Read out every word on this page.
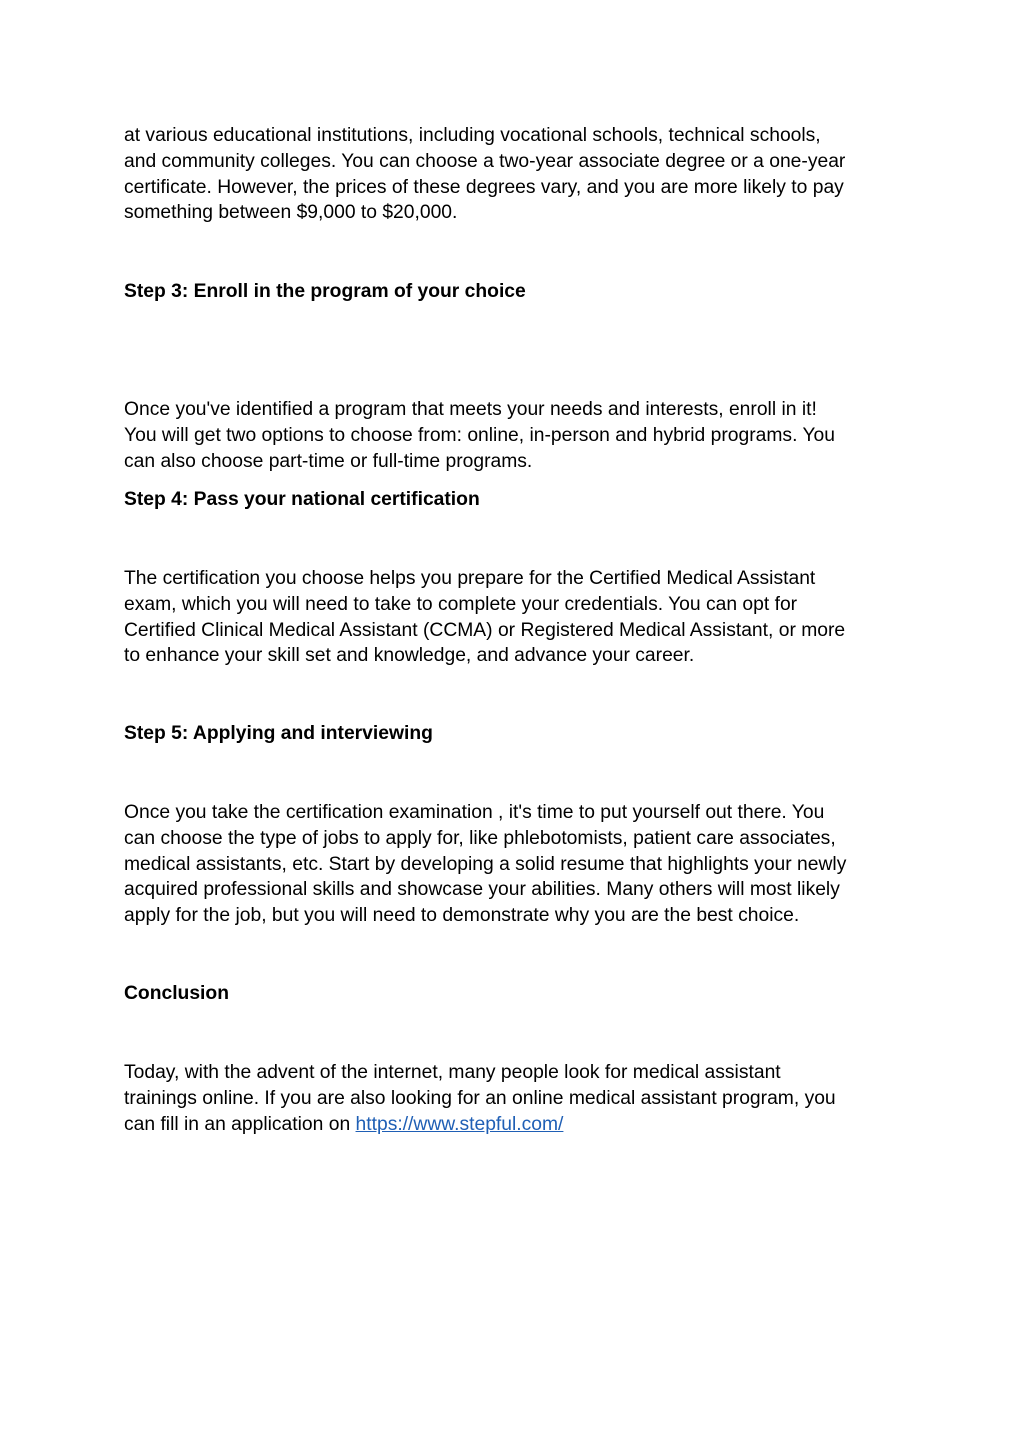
at various educational institutions, including vocational schools, technical schools,
and community colleges. You can choose a two-year associate degree or a one-year
certificate. However, the prices of these degrees vary, and you are more likely to pay
something between $9,000 to $20,000.
Step 3: Enroll in the program of your choice
Once you've identified a program that meets your needs and interests, enroll in it!
You will get two options to choose from: online, in-person and hybrid programs. You
can also choose part-time or full-time programs.
Step 4: Pass your national certification
The certification you choose helps you prepare for the Certified Medical Assistant
exam, which you will need to take to complete your credentials. You can opt for
Certified Clinical Medical Assistant (CCMA) or Registered Medical Assistant, or more
to enhance your skill set and knowledge, and advance your career.
Step 5: Applying and interviewing
Once you take the certification examination , it's time to put yourself out there. You
can choose the type of jobs to apply for, like phlebotomists, patient care associates,
medical assistants, etc. Start by developing a solid resume that highlights your newly
acquired professional skills and showcase your abilities. Many others will most likely
apply for the job, but you will need to demonstrate why you are the best choice.
Conclusion
Today, with the advent of the internet, many people look for medical assistant
trainings online. If you are also looking for an online medical assistant program, you
can fill in an application on https://www.stepful.com/
